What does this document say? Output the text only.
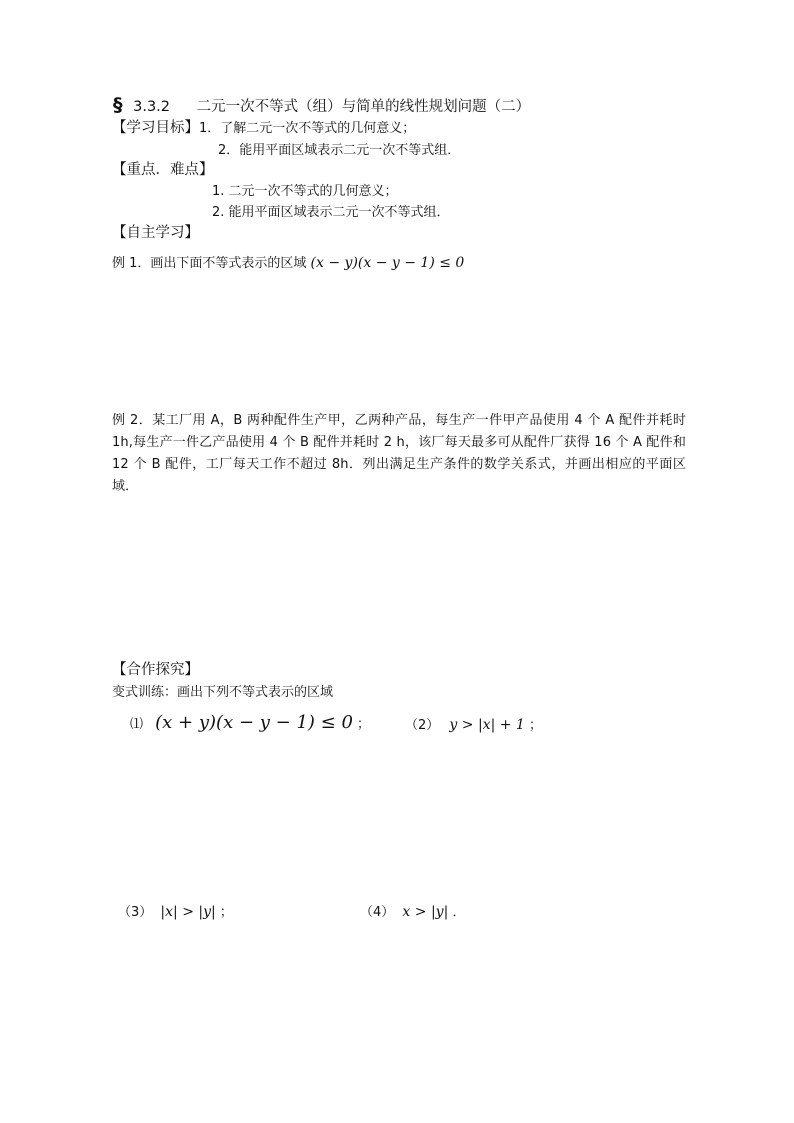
§ 3.3.2 二元一次不等式（组）与简单的线性规划问题（二）
【学习目标】1．了解二元一次不等式的几何意义；
2．能用平面区域表示二元一次不等式组．
【重点．难点】
1. 二元一次不等式的几何意义；
2. 能用平面区域表示二元一次不等式组．
【自主学习】
例 1．画出下面不等式表示的区域 (x − y)(x − y − 1) ≤ 0
例 2．某工厂用 A，B 两种配件生产甲，乙两种产品，每生产一件甲产品使用 4 个 A 配件并耗时 1h,每生产一件乙产品使用 4 个 B 配件并耗时 2 h，该厂每天最多可从配件厂获得 16 个 A 配件和 12 个 B 配件，工厂每天工作不超过 8h．列出满足生产条件的数学关系式，并画出相应的平面区域．
【合作探究】
变式训练：画出下列不等式表示的区域
⑴ (x + y)(x − y − 1) ≤ 0 ；	（2） y > |x| + 1 ；
（3） |x| > |y| ；	（4） x > |y| ．
